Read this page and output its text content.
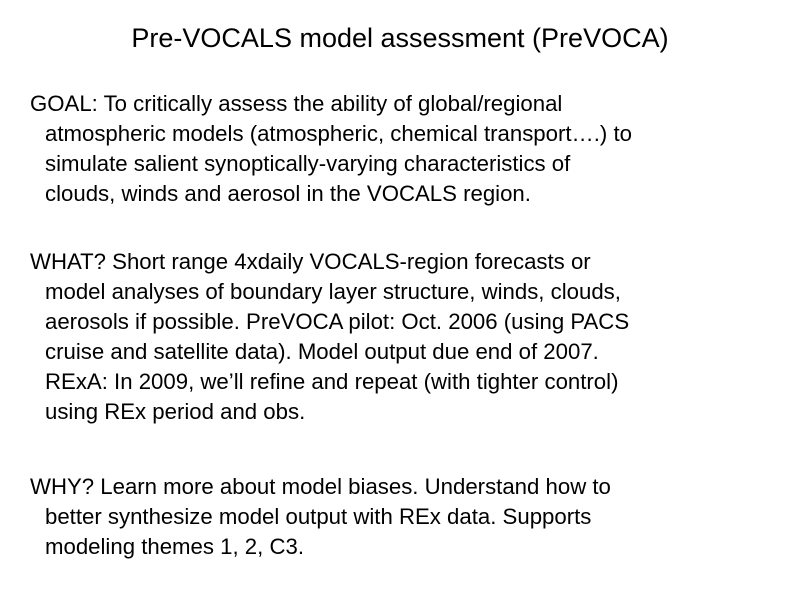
Pre-VOCALS model assessment (PreVOCA)
GOAL: To critically assess the ability of global/regional
atmospheric models (atmospheric, chemical transport….) to
simulate salient synoptically-varying characteristics of
clouds, winds and aerosol in the VOCALS region.
WHAT? Short range 4xdaily VOCALS-region forecasts or
model analyses of boundary layer structure, winds, clouds,
aerosols if possible. PreVOCA pilot: Oct. 2006 (using PACS
cruise and satellite data). Model output due end of 2007.
RExA: In 2009, we’ll refine and repeat (with tighter control)
using REx period and obs.
WHY? Learn more about model biases. Understand how to
better synthesize model output with REx data. Supports
modeling themes 1, 2, C3.
